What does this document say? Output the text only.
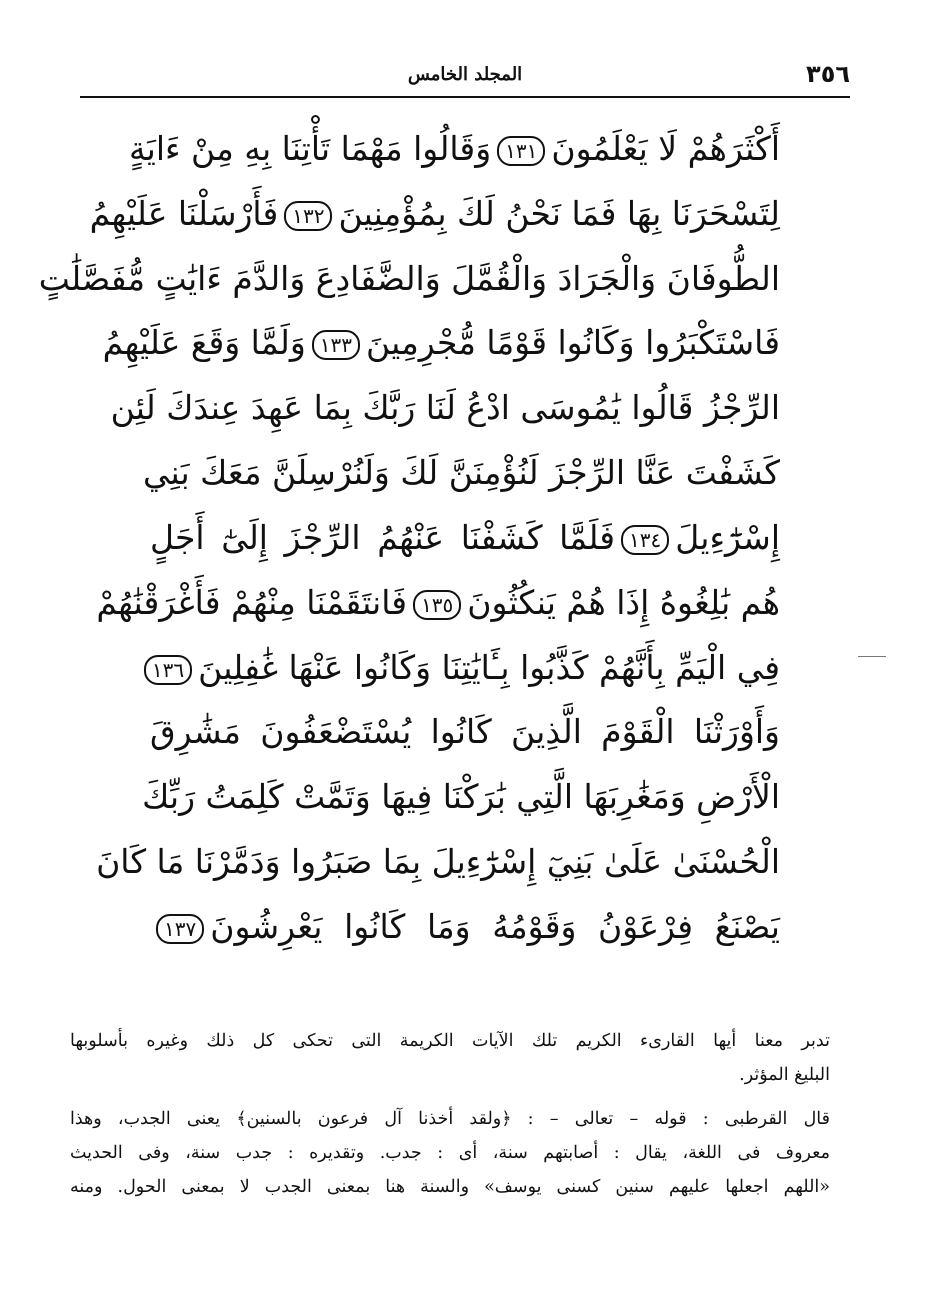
٣٥٦
المجلد الخامس
أَكْثَرَهُمْ لَا يَعْلَمُونَ١٣١وَقَالُوا مَهْمَا تَأْتِنَا بِهِ مِنْ ءَايَةٍ
لِتَسْحَرَنَا بِهَا فَمَا نَحْنُ لَكَ بِمُؤْمِنِينَ١٣٢فَأَرْسَلْنَا عَلَيْهِمُ
الطُّوفَانَ وَالْجَرَادَ وَالْقُمَّلَ وَالضَّفَادِعَ وَالدَّمَ ءَايَٰتٍ مُّفَصَّلَٰتٍ
فَاسْتَكْبَرُوا وَكَانُوا قَوْمًا مُّجْرِمِينَ١٣٣وَلَمَّا وَقَعَ عَلَيْهِمُ
الرِّجْزُ قَالُوا يَٰمُوسَى ادْعُ لَنَا رَبَّكَ بِمَا عَهِدَ عِندَكَ لَئِن
كَشَفْتَ عَنَّا الرِّجْزَ لَنُؤْمِنَنَّ لَكَ وَلَنُرْسِلَنَّ مَعَكَ بَنِي
إِسْرَٰٓءِيلَ١٣٤فَلَمَّا كَشَفْنَا عَنْهُمُ الرِّجْزَ إِلَىٰٓ أَجَلٍ
هُم بَٰلِغُوهُ إِذَا هُمْ يَنكُثُونَ١٣٥فَانتَقَمْنَا مِنْهُمْ فَأَغْرَقْنَٰهُمْ
فِي الْيَمِّ بِأَنَّهُمْ كَذَّبُوا بِـَٔايَٰتِنَا وَكَانُوا عَنْهَا غَٰفِلِينَ١٣٦
وَأَوْرَثْنَا الْقَوْمَ الَّذِينَ كَانُوا يُسْتَضْعَفُونَ مَشَٰرِقَ
الْأَرْضِ وَمَغَٰرِبَهَا الَّتِي بَٰرَكْنَا فِيهَا وَتَمَّتْ كَلِمَتُ رَبِّكَ
الْحُسْنَىٰ عَلَىٰ بَنِيٓ إِسْرَٰٓءِيلَ بِمَا صَبَرُوا وَدَمَّرْنَا مَا كَانَ
يَصْنَعُ فِرْعَوْنُ وَقَوْمُهُ وَمَا كَانُوا يَعْرِشُونَ١٣٧

تدبر معنا أيها القارىء الكريم تلك الآيات الكريمة التى تحكى كل ذلك وغيره بأسلوبها
البليغ المؤثر.

قال القرطبى : قوله – تعالى – : ﴿ولقد أخذنا آل فرعون بالسنين﴾ يعنى الجدب، وهذا
معروف فى اللغة، يقال : أصابتهم سنة، أى : جدب. وتقديره : جدب سنة، وفى الحديث
«اللهم اجعلها عليهم سنين كسنى يوسف» والسنة هنا بمعنى الجدب لا بمعنى الحول. ومنه
